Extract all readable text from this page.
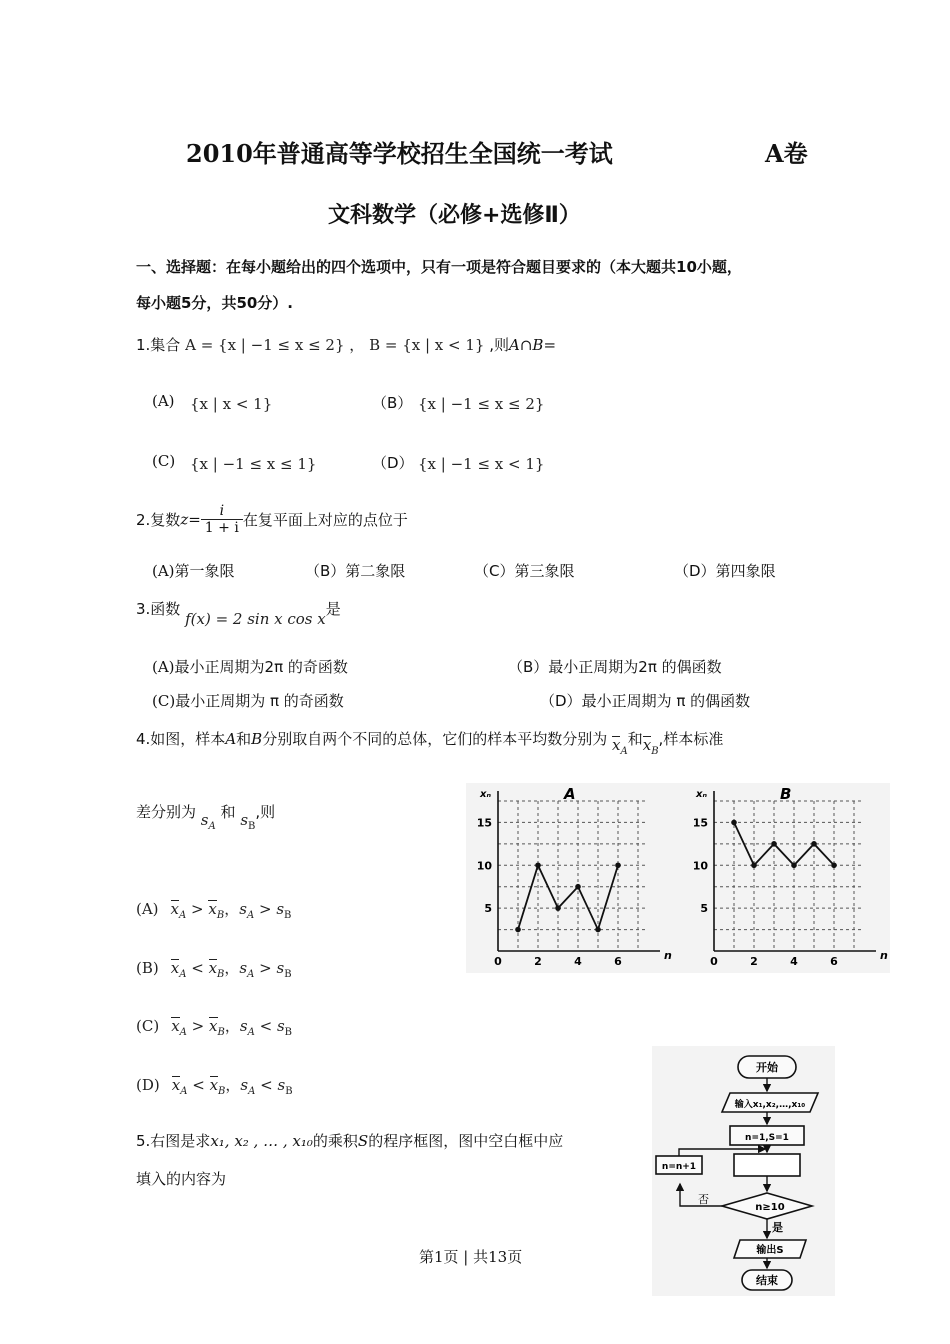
2010年普通高等学校招生全国统一考试	A卷
文科数学（必修+选修Ⅱ）
一、选择题：在每小题给出的四个选项中，只有一项是符合题目要求的（本大题共10小题，
每小题5分，共50分）.
1.集合 A = {x | −1 ≤ x ≤ 2} ， B = {x | x < 1} ,则A∩B=
(A) {x | x < 1}	（B） {x | −1 ≤ x ≤ 2}
(C) {x | −1 ≤ x ≤ 1}	（D） {x | −1 ≤ x < 1}
2.复数$z= \frac{i}{1 + i}$ 在复平面上对应的点位于
(A)第一象限	（B）第二象限	（C）第三象限	（D）第四象限
3.函数 f(x) = 2 sin x cos x是
(A)最小正周期为2π 的奇函数	（B）最小正周期为2π 的偶函数
(C)最小正周期为 π 的奇函数	（D）最小正周期为 π 的偶函数
4.如图，样本A和B分别取自两个不同的总体，它们的样本平均数分别为 $x_A$和$x_B$,样本标准
差分别为 $s_A$ 和 $s_B$,则
(A) $x_A > x_B$，$s_A > s_B$
(B) $x_A < x_B$，$s_A > s_B$
(C) $x_A > x_B$，$s_A < s_B$
(D) $x_A < x_B$，$s_A < s_B$
0	2	4	6
5
10
15
n
xₙ	A
0	2	4	6
5
10
15
n
xₙ	B
5.右图是求x₁, x₂ , … , x₁₀的乘积S的程序框图，图中空白框中应
填入的内容为
开始
输入x₁,x₂,…,x₁₀
n=1,S=1
n≥10
否
n=n+1
是
输出S
结束
第1页 | 共13页
